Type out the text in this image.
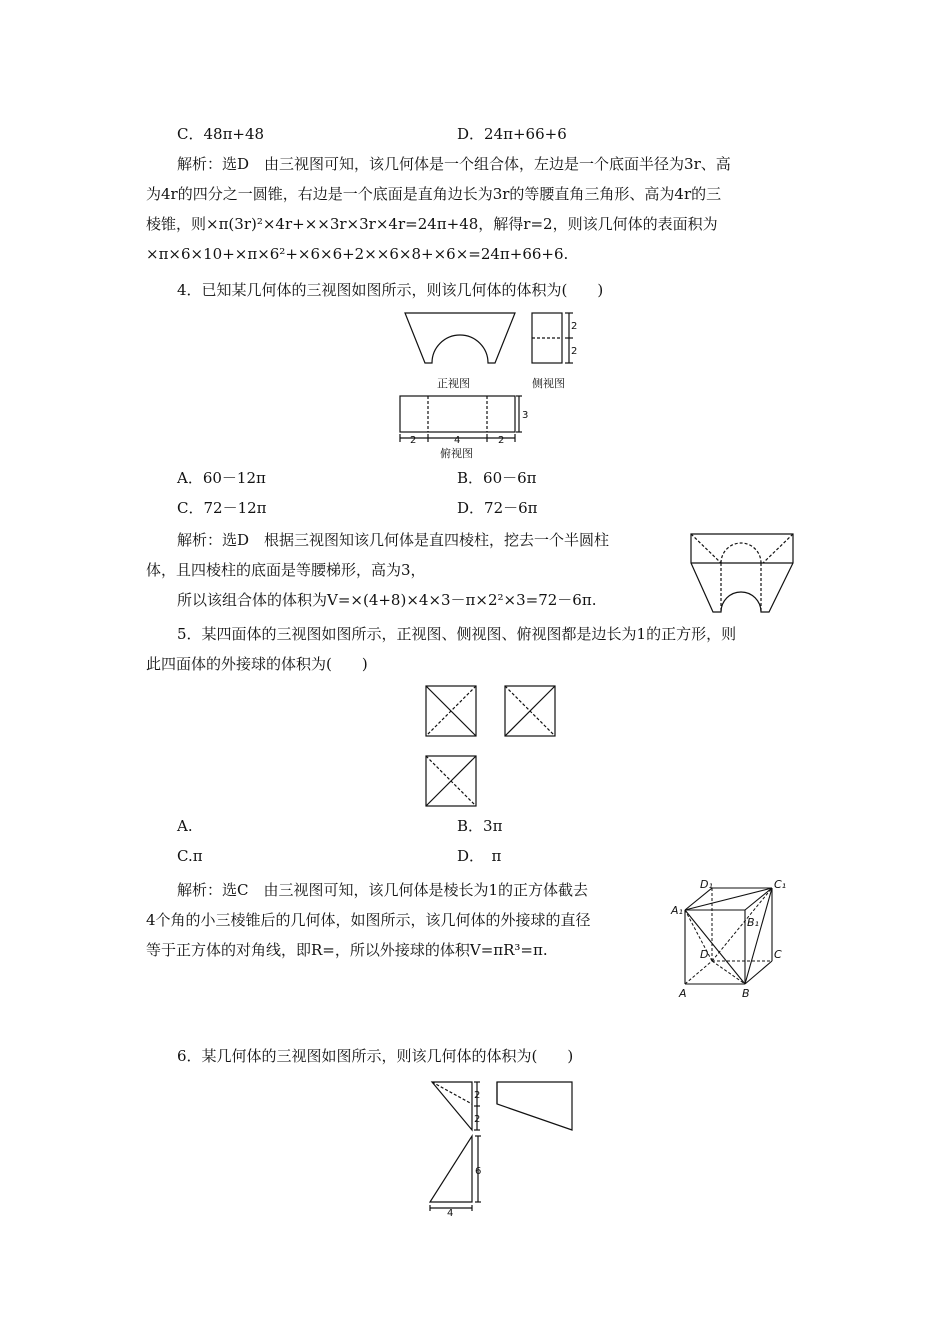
C．48π+48	D．24π+66+6
解析：选D　由三视图可知，该几何体是一个组合体，左边是一个底面半径为3r、高
为4r的四分之一圆锥，右边是一个底面是直角边长为3r的等腰直角三角形、高为4r的三
棱锥，则×π(3r)²×4r+××3r×3r×4r=24π+48，解得r=2，则该几何体的表面积为
×π×6×10+×π×6²+×6×6+2××6×8+×6×=24π+66+6.
4．已知某几何体的三视图如图所示，则该几何体的体积为(　　)
正视图
2
2
侧视图
2	4	2
3
俯视图
A．60－12π	B．60－6π
C．72－12π	D．72－6π
解析：选D　根据三视图知该几何体是直四棱柱，挖去一个半圆柱
体，且四棱柱的底面是等腰梯形，高为3，
所以该组合体的体积为V=×(4+8)×4×3－π×2²×3=72－6π.
5．某四面体的三视图如图所示，正视图、侧视图、俯视图都是边长为1的正方形，则
此四面体的外接球的体积为(　　)
A.	B．3π
C.π	D．　π
解析：选C　由三视图可知，该几何体是棱长为1的正方体截去
4个角的小三棱锥后的几何体，如图所示，该几何体的外接球的直径
等于正方体的对角线，即R=，所以外接球的体积V=πR³=π.
D₁	C₁
A₁
B₁
D	C
A	B
6．某几何体的三视图如图所示，则该几何体的体积为(　　)
2
2
6
4
